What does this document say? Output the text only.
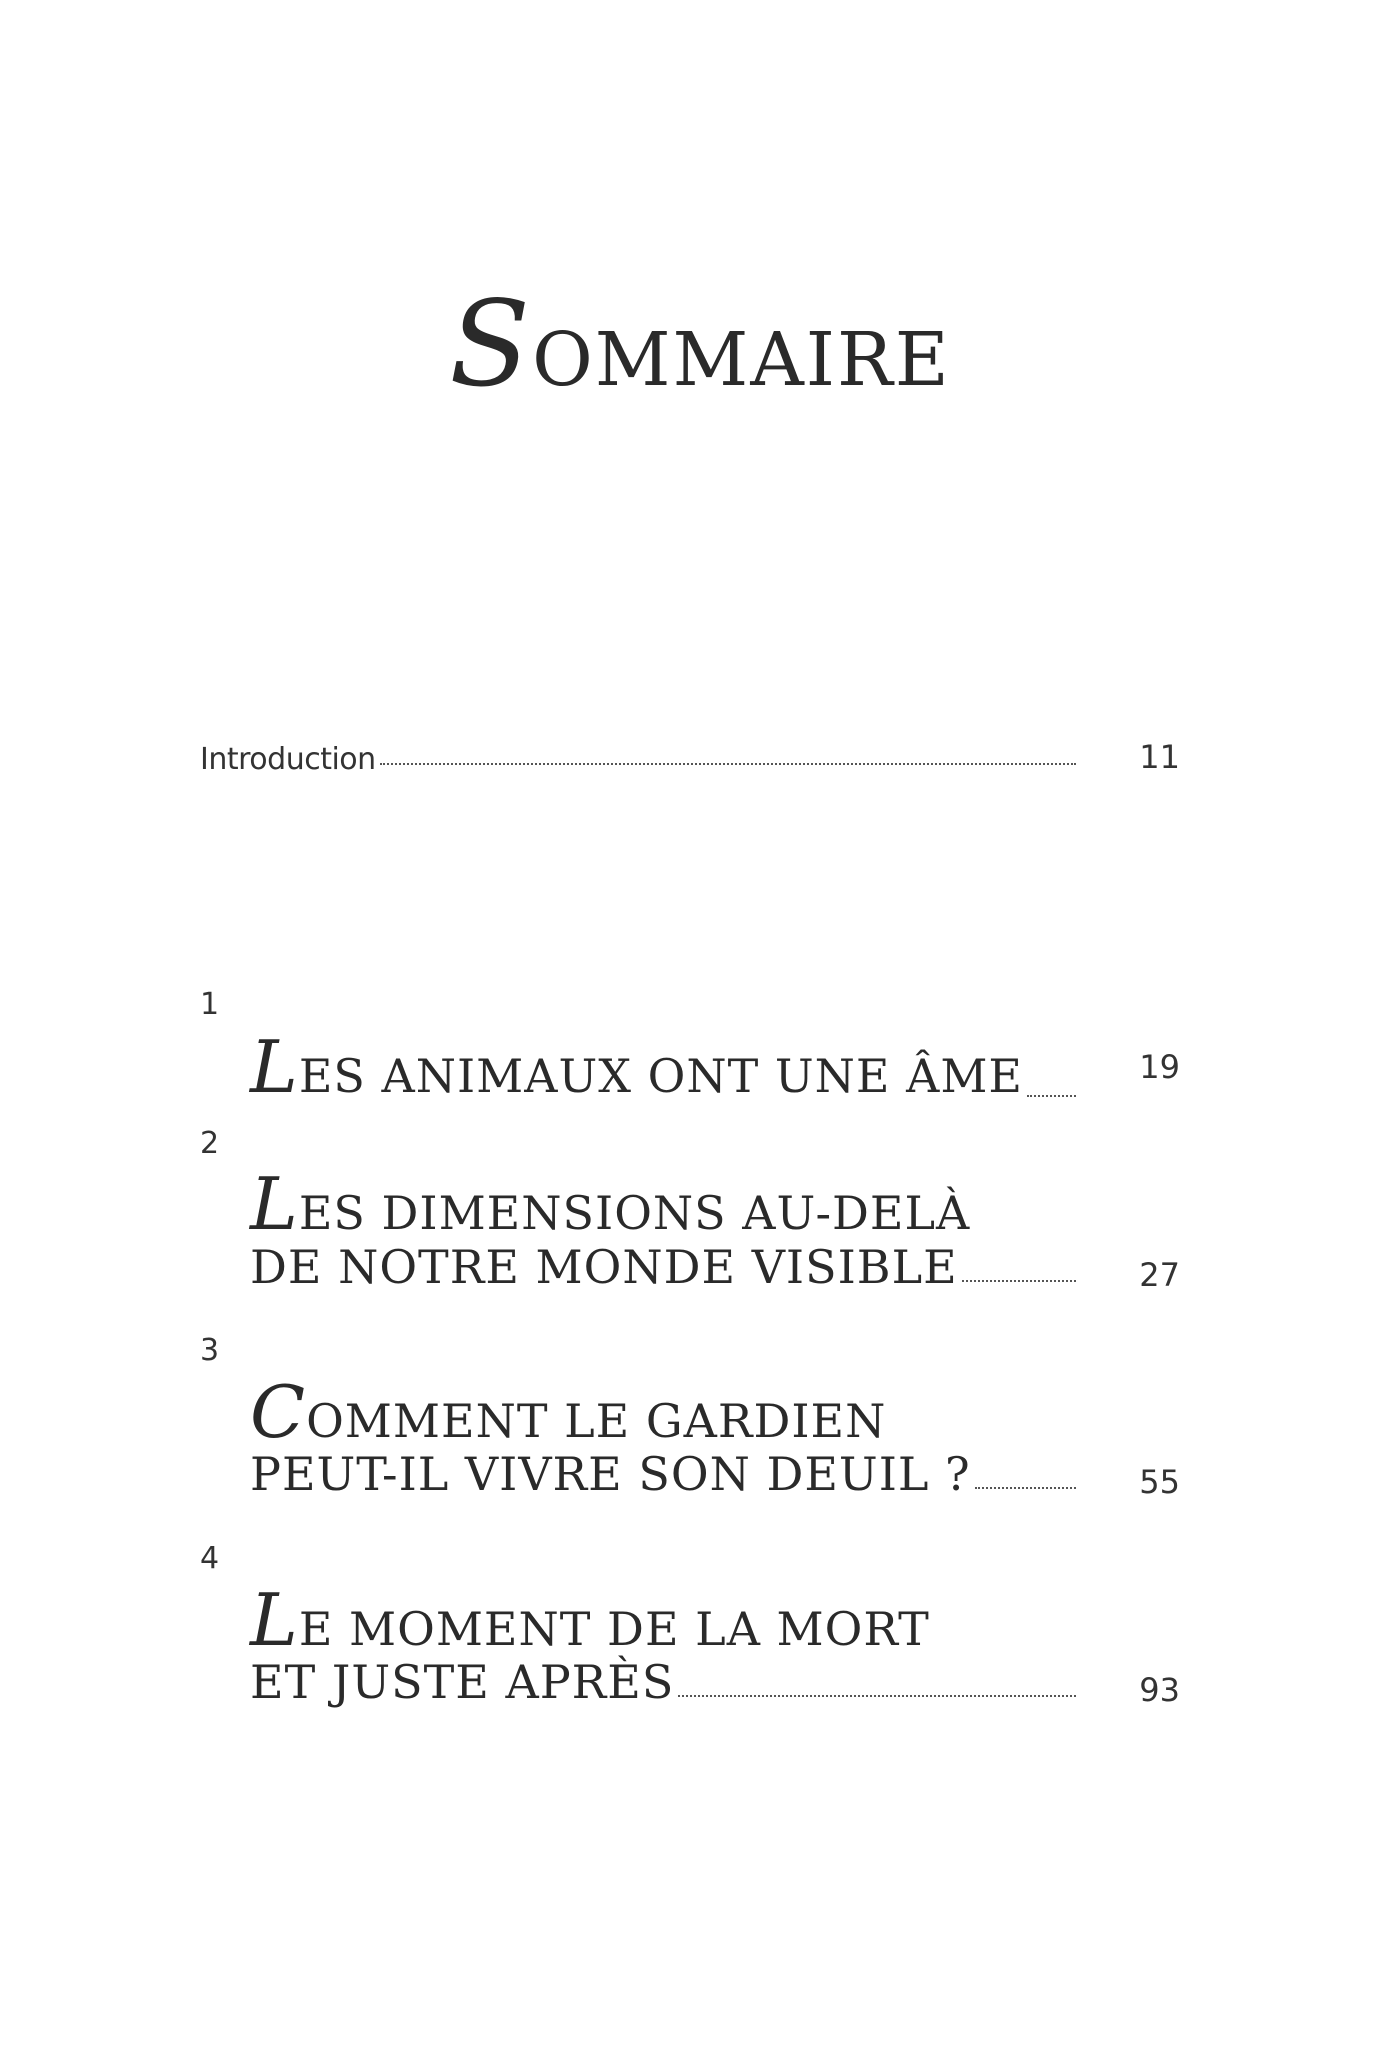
SOMMAIRE
Introduction	11
1
LES ANIMAUX ONT UNE ÂME	19
2
LES DIMENSIONS AU-DELÀ
DE NOTRE MONDE VISIBLE	27
3
COMMENT LE GARDIEN
PEUT-IL VIVRE SON DEUIL ?	55
4
LE MOMENT DE LA MORT
ET JUSTE APRÈS	93
